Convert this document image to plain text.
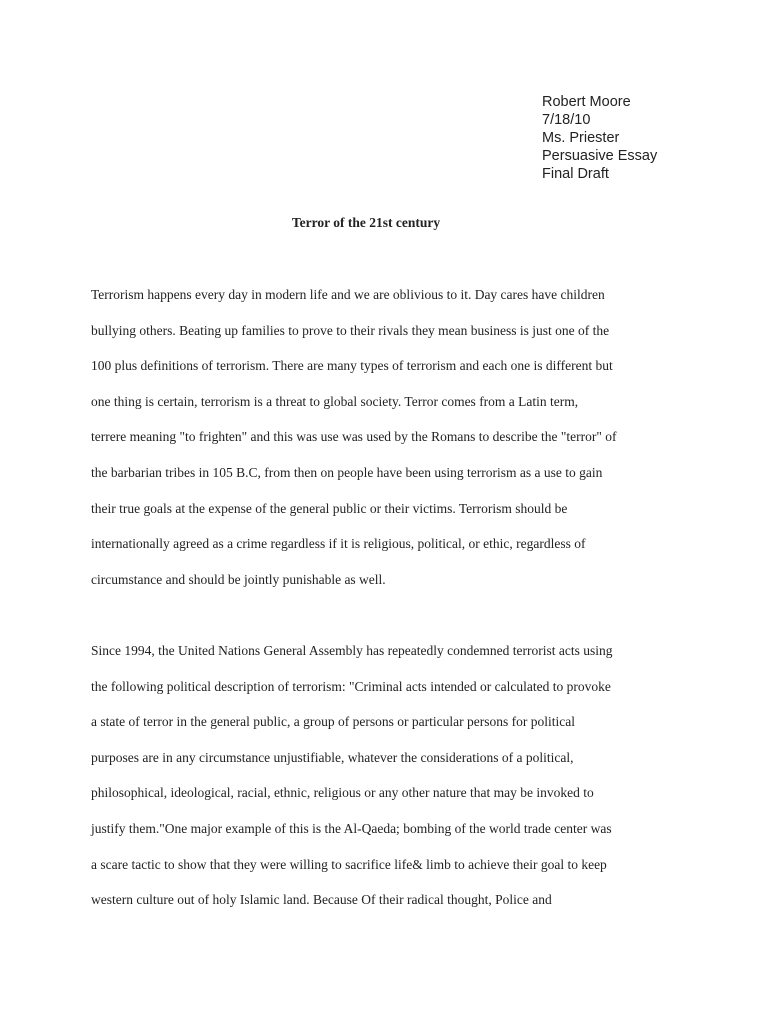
Robert Moore
7/18/10
Ms. Priester
Persuasive Essay
Final Draft
Terror of the 21st century
Terrorism happens every day in modern life and we are oblivious to it. Day cares have children
bullying others. Beating up families to prove to their rivals they mean business is just one of the
100 plus definitions of terrorism. There are many types of terrorism and each one is different but
one thing is certain, terrorism is a threat to global society. Terror comes from a Latin term,
terrere meaning "to frighten" and this was use was used by the Romans to describe the "terror" of
the barbarian tribes in 105 B.C, from then on people have been using terrorism as a use to gain
their true goals at the expense of the general public or their victims. Terrorism should be
internationally agreed as a crime regardless if it is religious, political, or ethic, regardless of
circumstance and should be jointly punishable as well.
Since 1994, the United Nations General Assembly has repeatedly condemned terrorist acts using
the following political description of terrorism: "Criminal acts intended or calculated to provoke
a state of terror in the general public, a group of persons or particular persons for political
purposes are in any circumstance unjustifiable, whatever the considerations of a political,
philosophical, ideological, racial, ethnic, religious or any other nature that may be invoked to
justify them."One major example of this is the Al-Qaeda; bombing of the world trade center was
a scare tactic to show that they were willing to sacrifice life& limb to achieve their goal to keep
western culture out of holy Islamic land. Because Of their radical thought, Police and
